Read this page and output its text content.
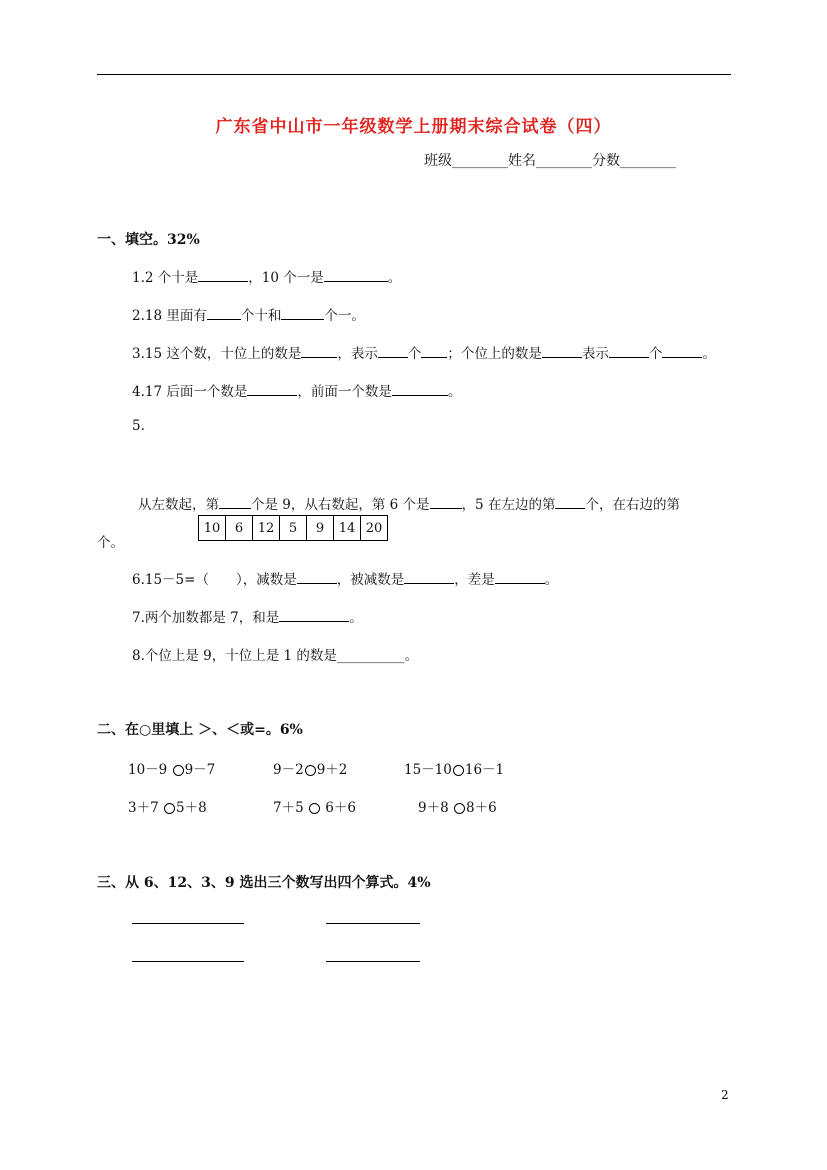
广东省中山市一年级数学上册期末综合试卷（四）
班级________姓名________分数________
一、填空。32%
1.2 个十是	，10 个一是	。
2.18 里面有	个十和	个一。
3.15 这个数，十位上的数是	，表示 个 ；个位上的数是	表示	个	。
4.17 后面一个数是	，前面一个数是	。
5.
从左数起，第 个是 9，从右数起，第 6 个是 ，5 在左边的第 个，在右边的第
个。
10	6	12	5	9	14	20
6.15－5=（　　），减数是	，被减数是	，差是	。
7.两个加数都是 7，和是	。
8.个位上是 9，十位上是 1 的数是__________。
二、在○里填上 ＞、＜或=。6%
10－9 9－7	9－2 9＋2	15－10 16－1
3＋7 5＋8	7＋5  6＋6	9＋8 8＋6
三、从 6、12、3、9 选出三个数写出四个算式。4%
2
